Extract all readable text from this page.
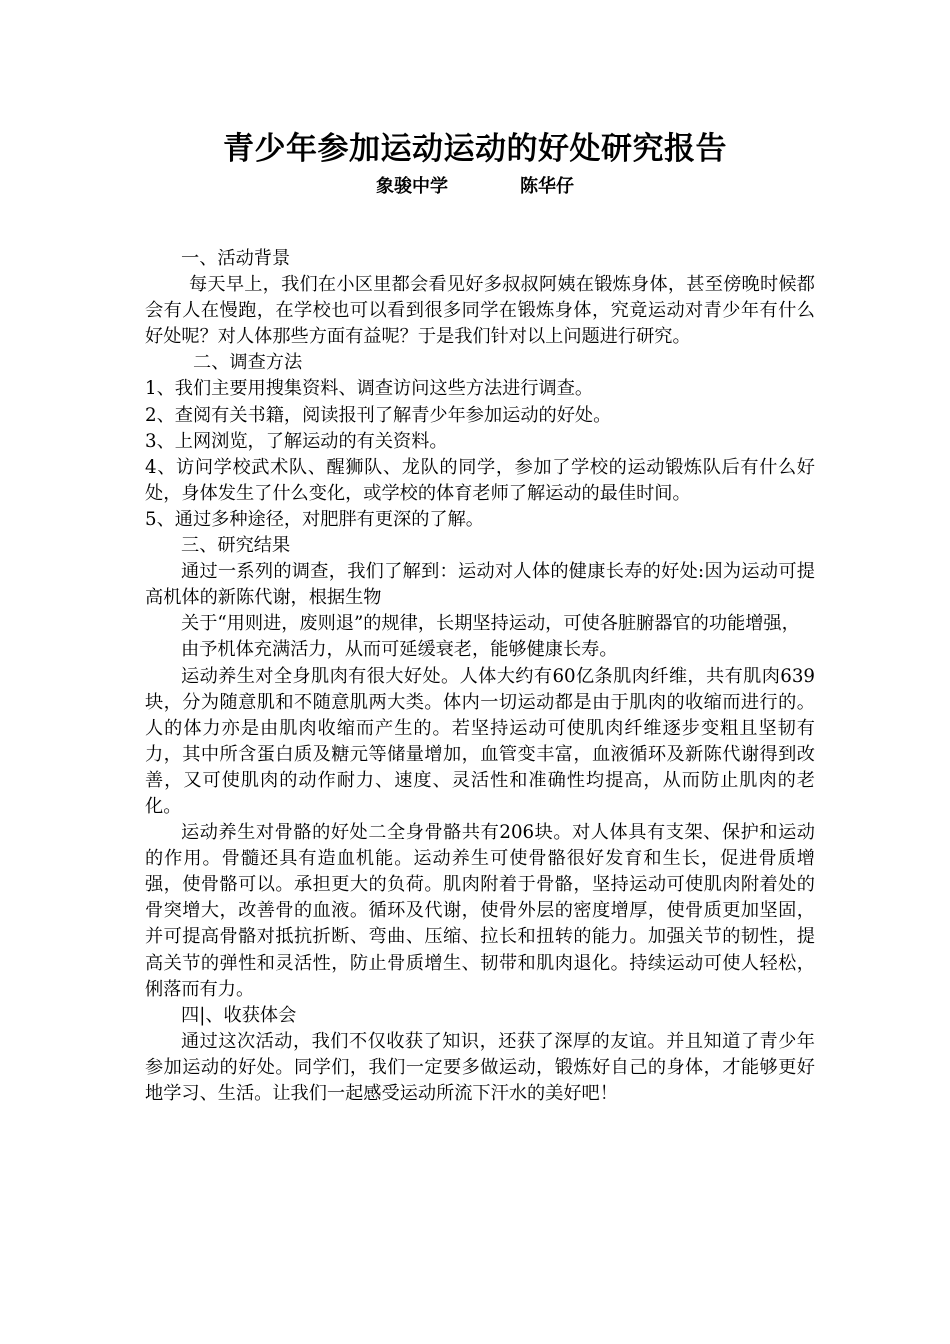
青少年参加运动运动的好处研究报告
象骏中学	陈华仔

一、活动背景

每天早上，我们在小区里都会看见好多叔叔阿姨在锻炼身体，甚至傍晚时候都会有人在慢跑，在学校也可以看到很多同学在锻炼身体，究竟运动对青少年有什么好处呢？对人体那些方面有益呢？于是我们针对以上问题进行研究。

二、调查方法

1、我们主要用搜集资料、调查访问这些方法进行调查。

2、查阅有关书籍，阅读报刊了解青少年参加运动的好处。

3、上网浏览，了解运动的有关资料。

4、访问学校武术队、醒狮队、龙队的同学，参加了学校的运动锻炼队后有什么好处，身体发生了什么变化，或学校的体育老师了解运动的最佳时间。

5、通过多种途径，对肥胖有更深的了解。

三、研究结果

通过一系列的调查，我们了解到：运动对人体的健康长寿的好处:因为运动可提高机体的新陈代谢，根据生物

关于“用则进，废则退”的规律，长期坚持运动，可使各脏腑器官的功能增强，

由予机体充满活力，从而可延缓衰老，能够健康长寿。

运动养生对全身肌肉有很大好处。人体大约有60亿条肌肉纤维，共有肌肉639块，分为随意肌和不随意肌两大类。体内一切运动都是由于肌肉的收缩而进行的。人的体力亦是由肌肉收缩而产生的。若坚持运动可使肌肉纤维逐步变粗且坚韧有力，其中所含蛋白质及糖元等储量增加，血管变丰富，血液循环及新陈代谢得到改善，又可使肌肉的动作耐力、速度、灵活性和准确性均提高，从而防止肌肉的老化。

运动养生对骨骼的好处二全身骨骼共有206块。对人体具有支架、保护和运动的作用。骨髓还具有造血机能。运动养生可使骨骼很好发育和生长，促进骨质增强，使骨骼可以。承担更大的负荷。肌肉附着于骨骼，坚持运动可使肌肉附着处的骨突增大，改善骨的血液。循环及代谢，使骨外层的密度增厚，使骨质更加坚固，并可提高骨骼对抵抗折断、弯曲、压缩、拉长和扭转的能力。加强关节的韧性，提高关节的弹性和灵活性，防止骨质增生、韧带和肌肉退化。持续运动可使人轻松，俐落而有力。

四|、收获体会

通过这次活动，我们不仅收获了知识，还获了深厚的友谊。并且知道了青少年参加运动的好处。同学们，我们一定要多做运动，锻炼好自己的身体，才能够更好地学习、生活。让我们一起感受运动所流下汗水的美好吧！
